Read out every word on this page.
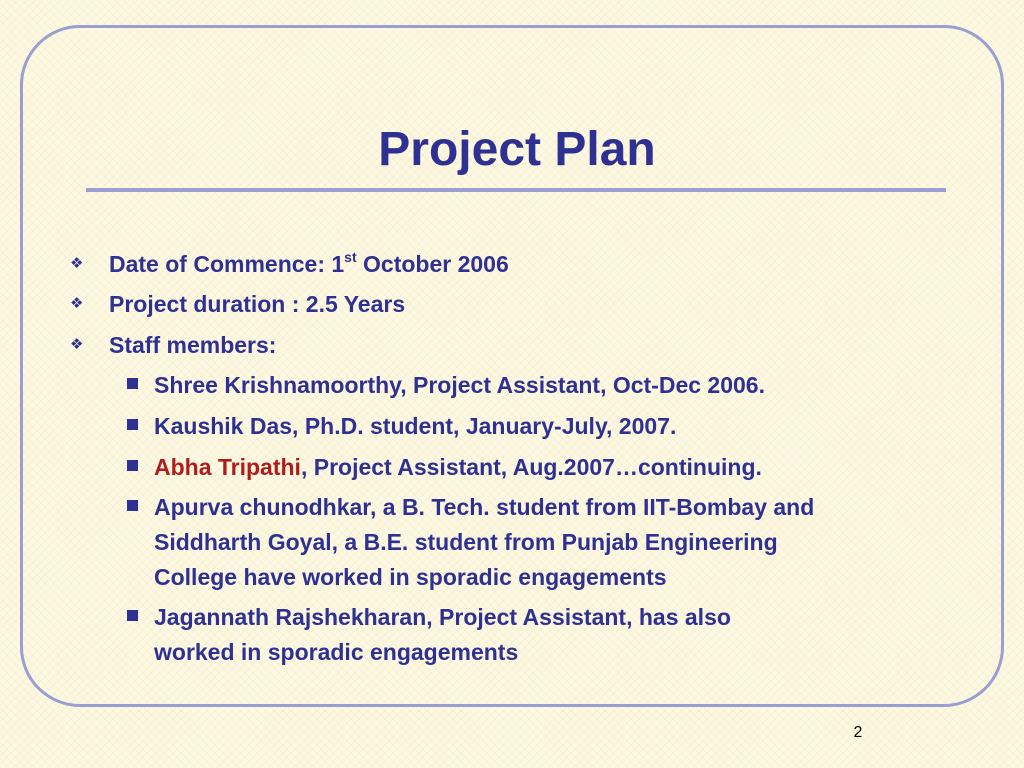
Project Plan
❖	Date of Commence: 1st October 2006
❖	Project duration : 2.5 Years
❖	Staff members:
Shree Krishnamoorthy, Project Assistant, Oct-Dec 2006.
Kaushik Das, Ph.D. student, January-July, 2007.
Abha Tripathi, Project Assistant, Aug.2007…continuing.
Apurva chunodhkar, a B. Tech. student from IIT-Bombay and
Siddharth Goyal, a B.E. student from Punjab Engineering
College have worked in sporadic engagements
Jagannath Rajshekharan, Project Assistant, has also
worked in sporadic engagements
2
